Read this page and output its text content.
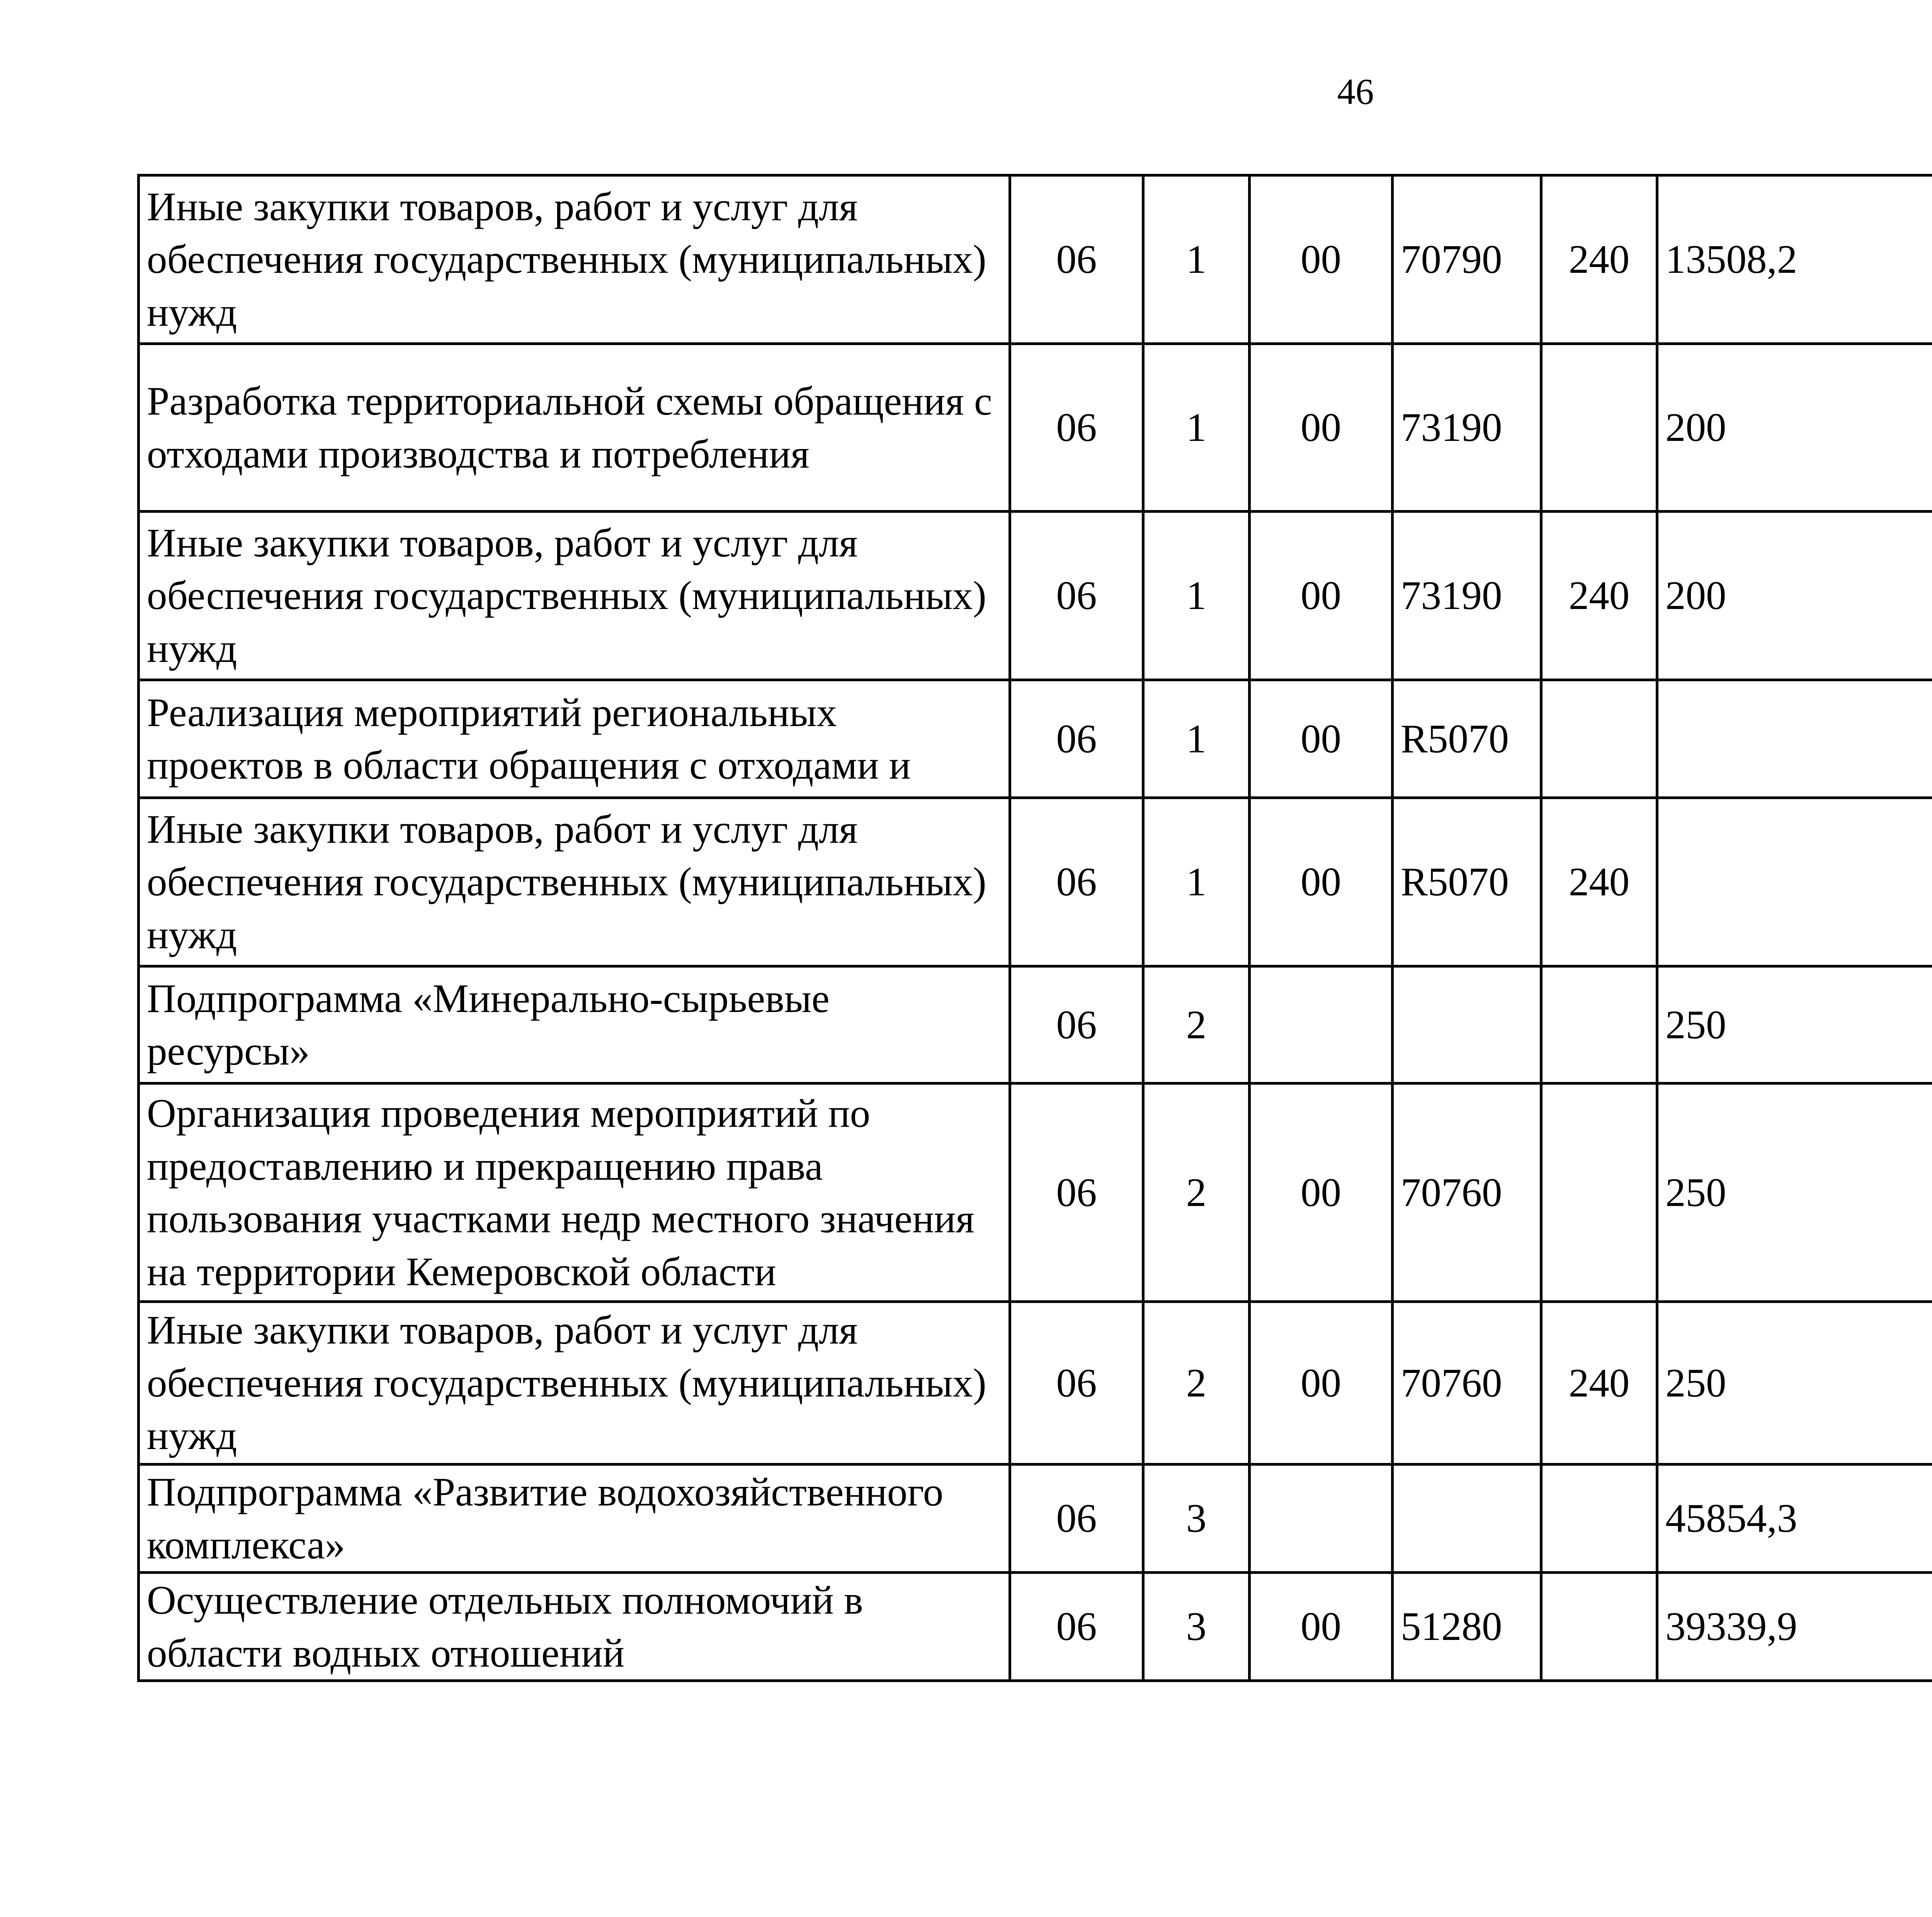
46
Иные закупки товаров, работ и услуг для обеспечения государственных (муниципальных) нужд	06	1	00	70790	240	13508,2		
Разработка территориальной схемы обращения с отходами производства и потребления	06	1	00	73190		200		
Иные закупки товаров, работ и услуг для обеспечения государственных (муниципальных) нужд	06	1	00	73190	240	200		
Реализация мероприятий региональных проектов в области обращения с отходами и	06	1	00	R5070				
Иные закупки товаров, работ и услуг для обеспечения государственных (муниципальных) нужд	06	1	00	R5070	240			
Подпрограмма «Минерально-сырьевые ресурсы»	06	2				250		
Организация проведения мероприятий по предоставлению и прекращению права пользования участками недр местного значения на территории Кемеровской области	06	2	00	70760		250		
Иные закупки товаров, работ и услуг для обеспечения государственных (муниципальных) нужд	06	2	00	70760	240	250		
Подпрограмма «Развитие водохозяйственного комплекса»	06	3				45854,3		
Осуществление отдельных полномочий в области водных отношений	06	3	00	51280		39339,9		
